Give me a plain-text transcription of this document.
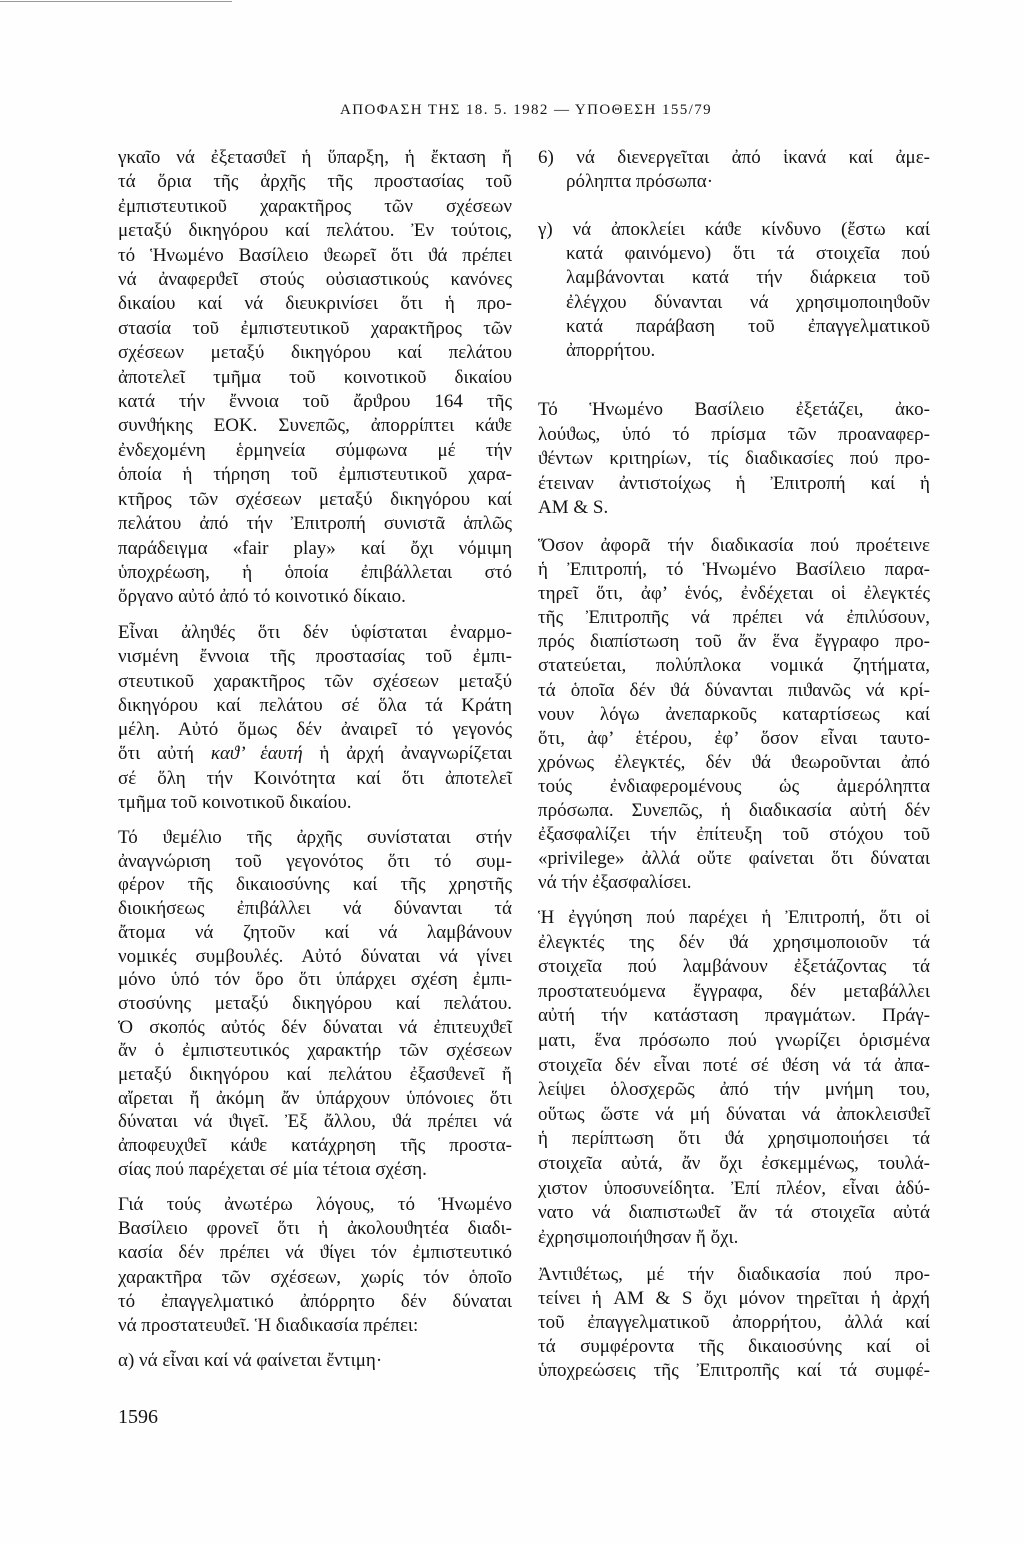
ΑΠΟΦΑΣΗ ΤΗΣ 18. 5. 1982 — ΥΠΟΘΕΣΗ 155/79
γκαῖο νά ἐξετασϑεῖ ἡ ὕπαρξη, ἡ ἔκταση ἤ
τά ὅρια τῆς ἀρχῆς τῆς προστασίας τοῦ
ἐμπιστευτικοῦ χαρακτῆρος τῶν σχέσεων
μεταξύ δικηγόρου καί πελάτου. Ἐν τούτοις,
τό Ἡνωμένο Βασίλειο ϑεωρεῖ ὅτι ϑά πρέπει
νά ἀναφερϑεῖ στούς οὐσιαστικούς κανόνες
δικαίου καί νά διευκρινίσει ὅτι ἡ προ-
στασία τοῦ ἐμπιστευτικοῦ χαρακτῆρος τῶν
σχέσεων μεταξύ δικηγόρου καί πελάτου
ἀποτελεῖ τμῆμα τοῦ κοινοτικοῦ δικαίου
κατά τήν ἔννοια τοῦ ἄρϑρου 164 τῆς
συνϑήκης ΕΟΚ. Συνεπῶς, ἀπορρίπτει κάϑε
ἐνδεχομένη ἑρμηνεία σύμφωνα μέ τήν
ὁποία ἡ τήρηση τοῦ ἐμπιστευτικοῦ χαρα-
κτῆρος τῶν σχέσεων μεταξύ δικηγόρου καί
πελάτου ἀπό τήν Ἐπιτροπή συνιστᾶ ἁπλῶς
παράδειγμα «fair play» καί ὄχι νόμιμη
ὑποχρέωση, ἡ ὁποία ἐπιβάλλεται στό
ὄργανο αὐτό ἀπό τό κοινοτικό δίκαιο.
Εἶναι ἀληϑές ὅτι δέν ὑφίσταται ἐναρμο-
νισμένη ἔννοια τῆς προστασίας τοῦ ἐμπι-
στευτικοῦ χαρακτῆρος τῶν σχέσεων μεταξύ
δικηγόρου καί πελάτου σέ ὅλα τά Κράτη
μέλη. Αὐτό ὅμως δέν ἀναιρεῖ τό γεγονός
ὅτι αὐτή καϑ’ ἑαυτή ἡ ἀρχή ἀναγνωρίζεται
σέ ὅλη τήν Κοινότητα καί ὅτι ἀποτελεῖ
τμῆμα τοῦ κοινοτικοῦ δικαίου.
Τό ϑεμέλιο τῆς ἀρχῆς συνίσταται στήν
ἀναγνώριση τοῦ γεγονότος ὅτι τό συμ-
φέρον τῆς δικαιοσύνης καί τῆς χρηστῆς
διοικήσεως ἐπιβάλλει νά δύνανται τά
ἄτομα νά ζητοῦν καί νά λαμβάνουν
νομικές συμβουλές. Αὐτό δύναται νά γίνει
μόνο ὑπό τόν ὅρο ὅτι ὑπάρχει σχέση ἐμπι-
στοσύνης μεταξύ δικηγόρου καί πελάτου.
Ὁ σκοπός αὐτός δέν δύναται νά ἐπιτευχϑεῖ
ἄν ὁ ἐμπιστευτικός χαρακτήρ τῶν σχέσεων
μεταξύ δικηγόρου καί πελάτου ἐξασϑενεῖ ἤ
αἴρεται ἤ ἀκόμη ἄν ὑπάρχουν ὑπόνοιες ὅτι
δύναται νά ϑιγεῖ. Ἐξ ἄλλου, ϑά πρέπει νά
ἀποφευχϑεῖ κάϑε κατάχρηση τῆς προστα-
σίας πού παρέχεται σέ μία τέτοια σχέση.
Γιά τούς ἀνωτέρω λόγους, τό Ἡνωμένο
Βασίλειο φρονεῖ ὅτι ἡ ἀκολουϑητέα διαδι-
κασία δέν πρέπει νά ϑίγει τόν ἐμπιστευτικό
χαρακτῆρα τῶν σχέσεων, χωρίς τόν ὁποῖο
τό ἐπαγγελματικό ἀπόρρητο δέν δύναται
νά προστατευϑεῖ. Ἡ διαδικασία πρέπει:
α) νά εἶναι καί νά φαίνεται ἔντιμη·
6) νά διενεργεῖται ἀπό ἱκανά καί ἀμε-
ρόληπτα πρόσωπα·
γ) νά ἀποκλείει κάϑε κίνδυνο (ἔστω καί
κατά φαινόμενο) ὅτι τά στοιχεῖα πού
λαμβάνονται κατά τήν διάρκεια τοῦ
ἐλέγχου δύνανται νά χρησιμοποιηϑοῦν
κατά παράβαση τοῦ ἐπαγγελματικοῦ
ἀπορρήτου.
Τό Ἡνωμένο Βασίλειο ἐξετάζει, ἀκο-
λούϑως, ὑπό τό πρίσμα τῶν προαναφερ-
ϑέντων κριτηρίων, τίς διαδικασίες πού προ-
έτειναν ἀντιστοίχως ἡ Ἐπιτροπή καί ἡ
AM & S.
Ὅσον ἀφορᾶ τήν διαδικασία πού προέτεινε
ἡ Ἐπιτροπή, τό Ἡνωμένο Βασίλειο παρα-
τηρεῖ ὅτι, ἀφ’ ἑνός, ἐνδέχεται οἱ ἐλεγκτές
τῆς Ἐπιτροπῆς νά πρέπει νά ἐπιλύσουν,
πρός διαπίστωση τοῦ ἄν ἕνα ἔγγραφο προ-
στατεύεται, πολύπλοκα νομικά ζητήματα,
τά ὁποῖα δέν ϑά δύνανται πιϑανῶς νά κρί-
νουν λόγω ἀνεπαρκοῦς καταρτίσεως καί
ὅτι, ἀφ’ ἑτέρου, ἐφ’ ὅσον εἶναι ταυτο-
χρόνως ἐλεγκτές, δέν ϑά ϑεωροῦνται ἀπό
τούς ἐνδιαφερομένους ὡς ἀμερόληπτα
πρόσωπα. Συνεπῶς, ἡ διαδικασία αὐτή δέν
ἐξασφαλίζει τήν ἐπίτευξη τοῦ στόχου τοῦ
«privilege» ἀλλά οὔτε φαίνεται ὅτι δύναται
νά τήν ἐξασφαλίσει.
Ἡ ἐγγύηση πού παρέχει ἡ Ἐπιτροπή, ὅτι οἱ
ἐλεγκτές της δέν ϑά χρησιμοποιοῦν τά
στοιχεῖα πού λαμβάνουν ἐξετάζοντας τά
προστατευόμενα ἔγγραφα, δέν μεταβάλλει
αὐτή τήν κατάσταση πραγμάτων. Πράγ-
ματι, ἕνα πρόσωπο πού γνωρίζει ὁρισμένα
στοιχεῖα δέν εἶναι ποτέ σέ ϑέση νά τά ἀπα-
λείψει ὁλοσχερῶς ἀπό τήν μνήμη του,
οὕτως ὥστε νά μή δύναται νά ἀποκλεισϑεῖ
ἡ περίπτωση ὅτι ϑά χρησιμοποιήσει τά
στοιχεῖα αὐτά, ἄν ὄχι ἐσκεμμένως, τουλά-
χιστον ὑποσυνείδητα. Ἐπί πλέον, εἶναι ἀδύ-
νατο νά διαπιστωϑεῖ ἄν τά στοιχεῖα αὐτά
ἐχρησιμοποιήϑησαν ἤ ὄχι.
Ἀντιϑέτως, μέ τήν διαδικασία πού προ-
τείνει ἡ AM & S ὄχι μόνον τηρεῖται ἡ ἀρχή
τοῦ ἐπαγγελματικοῦ ἀπορρήτου, ἀλλά καί
τά συμφέροντα τῆς δικαιοσύνης καί οἱ
ὑποχρεώσεις τῆς Ἐπιτροπῆς καί τά συμφέ-
1596
